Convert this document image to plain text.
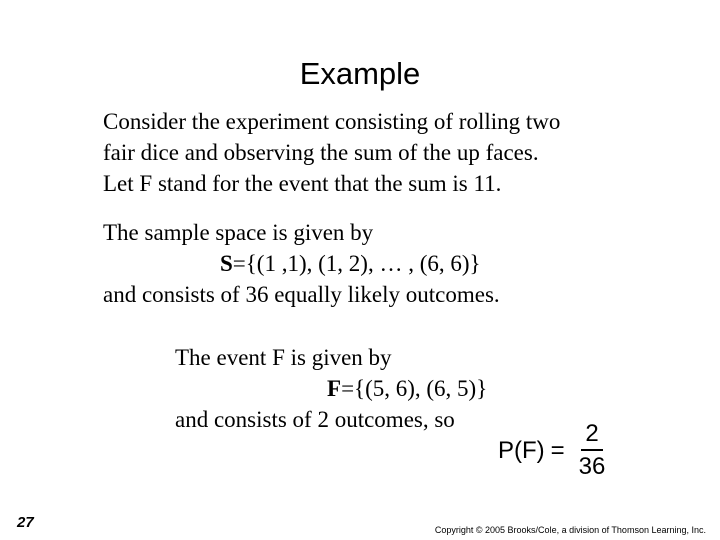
Example
Consider the experiment consisting of rolling two
fair dice and observing the sum of the up faces.
Let F stand for the event that the sum is 11.
The sample space is given by
S={(1 ,1), (1, 2), … , (6, 6)}
and consists of 36 equally likely outcomes.
The event F is given by
F={(5, 6), (6, 5)}
and consists of 2 outcomes, so
$P(F) = \frac{2}{36}$
27	Copyright © 2005 Brooks/Cole, a division of Thomson Learning, Inc.
